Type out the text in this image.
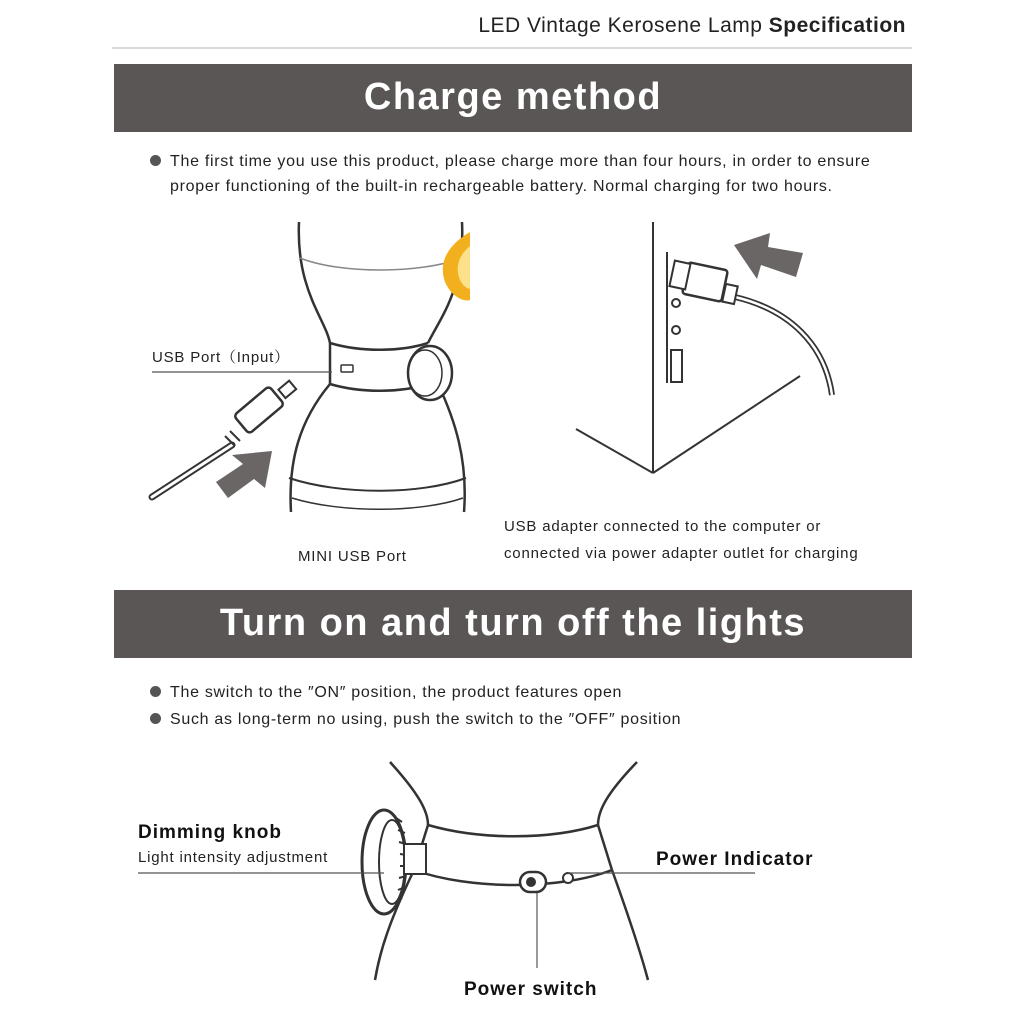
LED Vintage Kerosene Lamp Specification
Charge method
The first time you use this product, please charge more than four hours, in order to ensure
proper functioning of the built-in rechargeable battery. Normal charging for two hours.
USB Port（Input）
MINI USB Port
USB adapter connected to the computer or
connected via power adapter outlet for charging
Turn on and turn off the lights
The switch to the ″ON″ position, the product features open
Such as long-term no using, push the switch to the ″OFF″ position
Dimming knob
Light intensity adjustment	Power Indicator
Power switch
